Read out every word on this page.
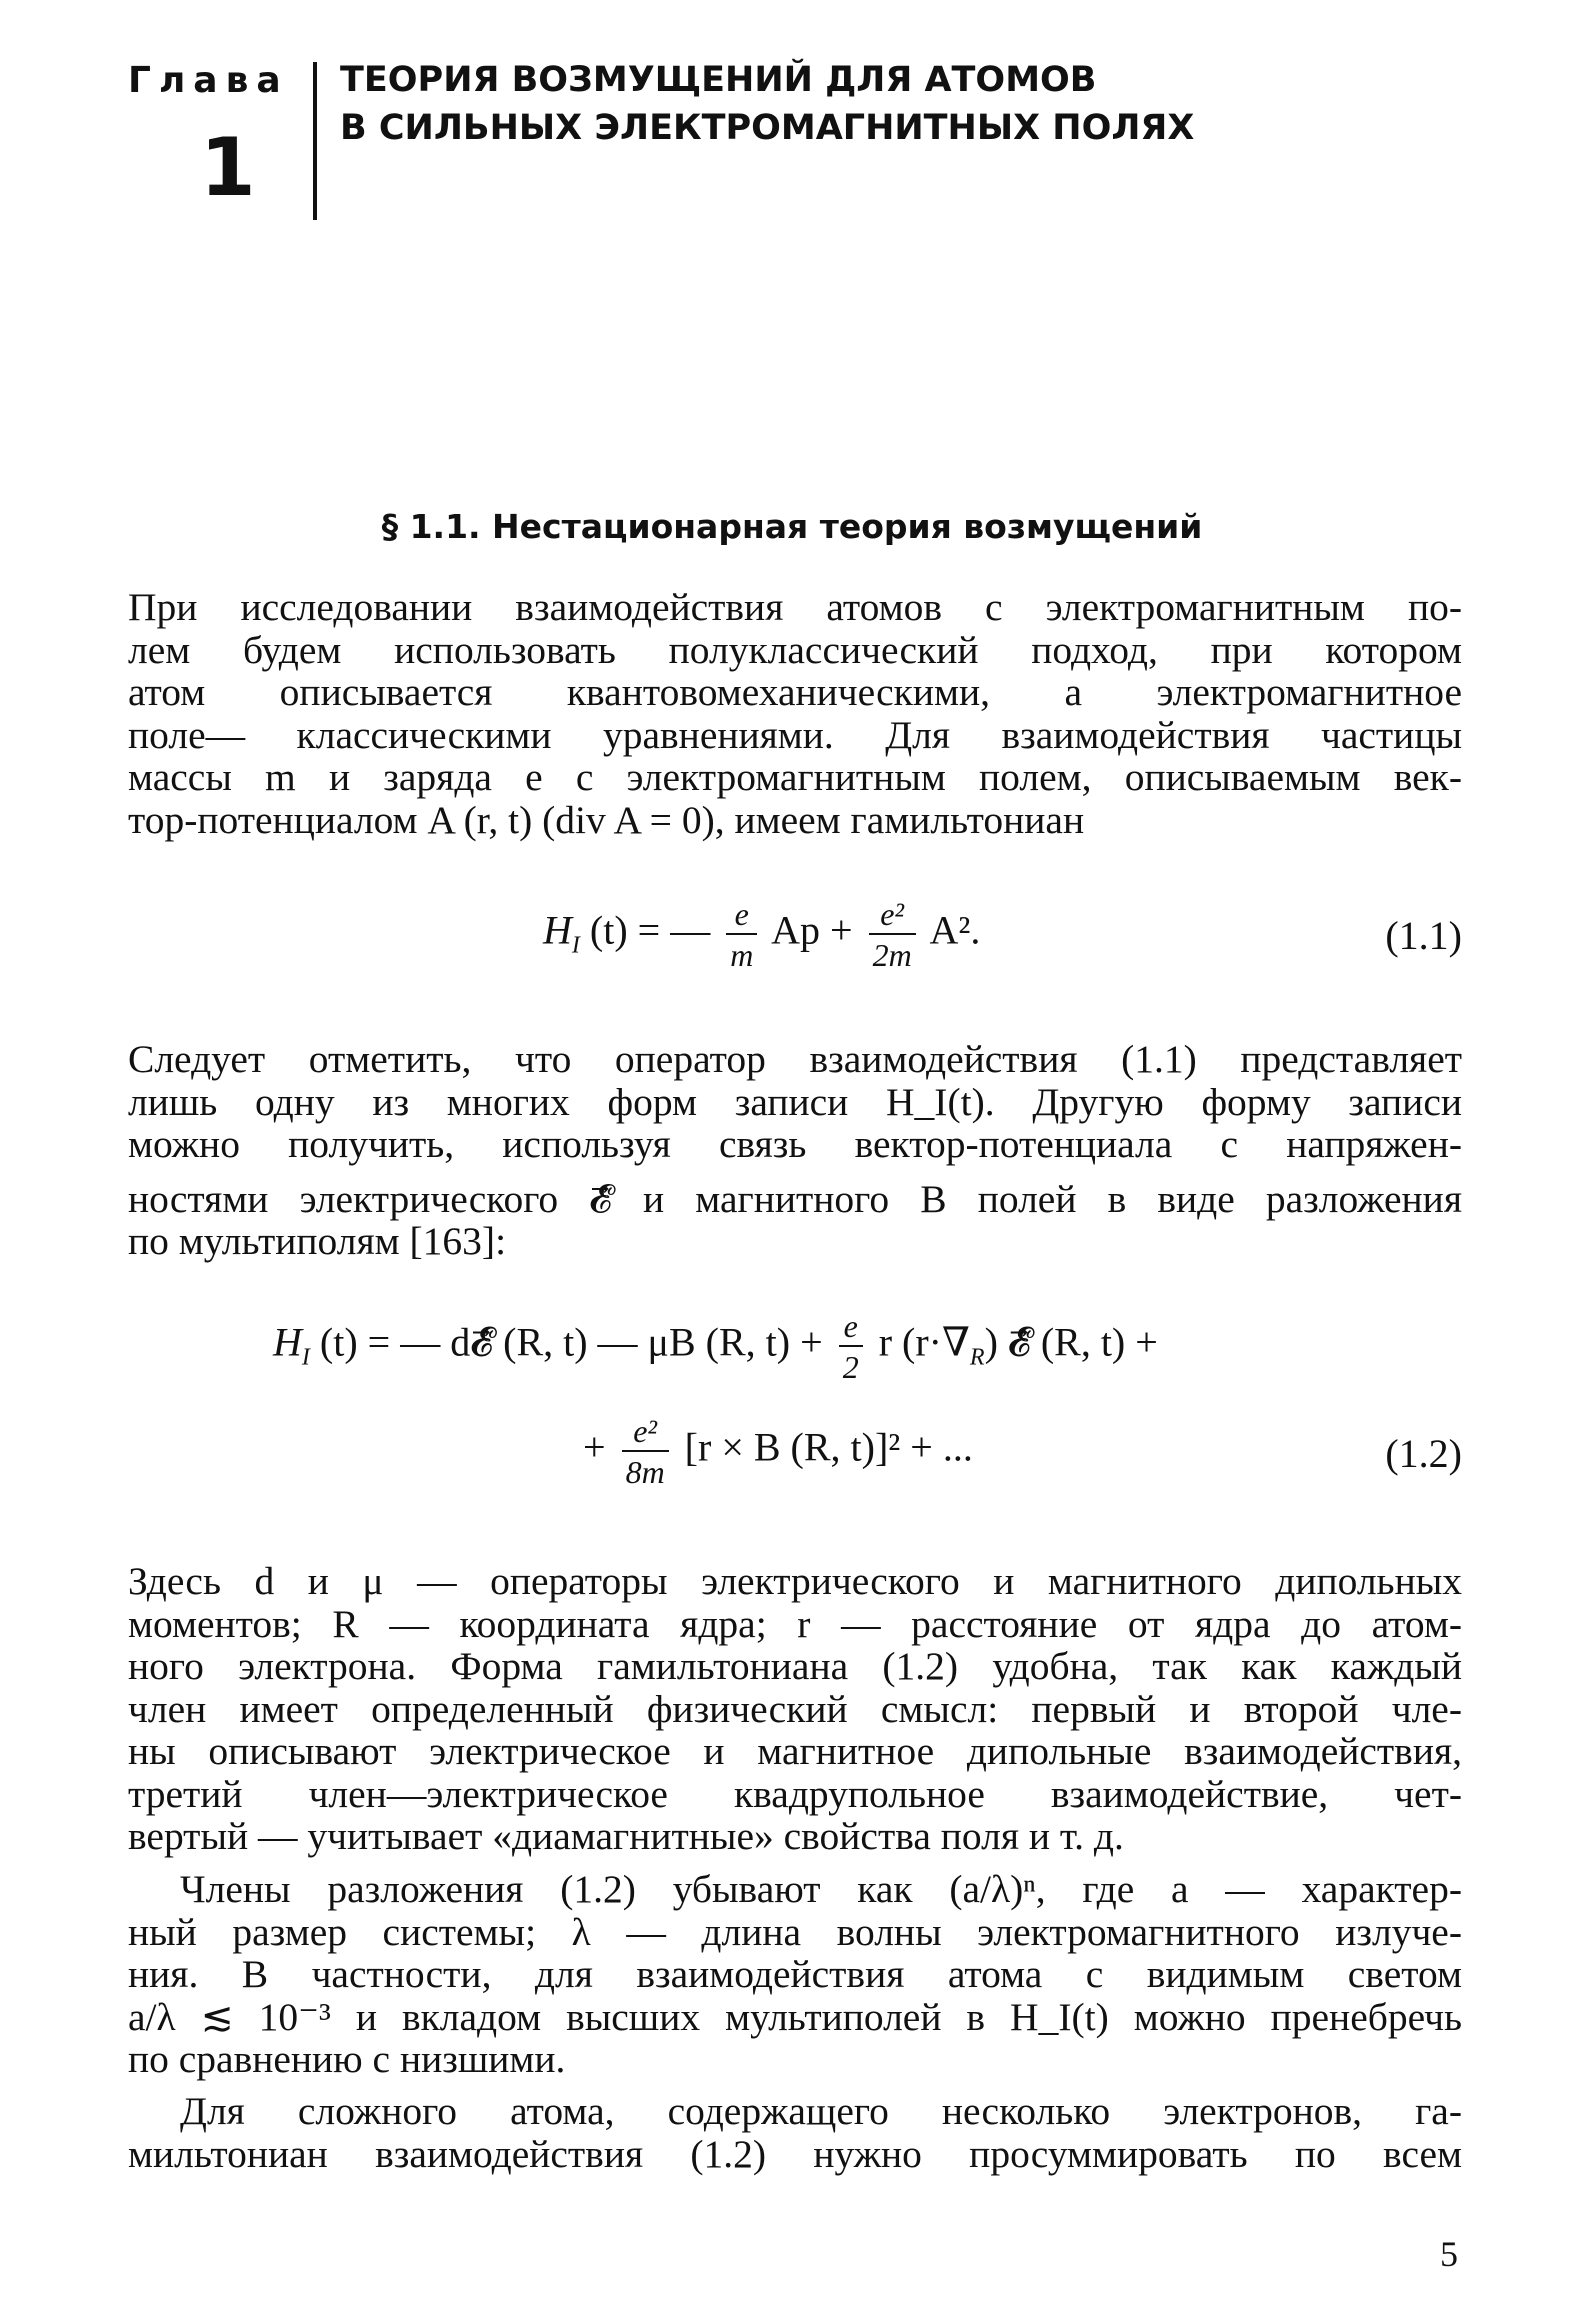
Глава
1
ТЕОРИЯ ВОЗМУЩЕНИЙ ДЛЯ АТОМОВ
В СИЛЬНЫХ ЭЛЕКТРОМАГНИТНЫХ ПОЛЯХ
§ 1.1. Нестационарная теория возмущений
При исследовании взаимодействия атомов с электромагнитным по-
лем будем использовать полуклассический подход, при котором
атом описывается квантовомеханическими, а электромагнитное
поле— классическими уравнениями. Для взаимодействия частицы
массы m и заряда e с электромагнитным полем, описываемым век-
тор-потенциалом A (r, t) (div A = 0), имеем гамильтониан
$H_I$ (t) = — $\frac{e}{m}$ $Ap + \frac{\text{e²}}{2m} A^2$.	(1.1)
Следует отметить, что оператор взаимодействия (1.1) представляет
лишь одну из многих форм записи H_I(t). Другую форму записи
можно получить, используя связь вектор-потенциала с напряжен-
ностями электрического 𝓔⃗ и магнитного B полей в виде разложения
по мультиполям [163]:
$H_I$ (t) = — d𝓔⃗ (R, t) — μB (R, $t) + \frac{e}{2}$ r $(r\cdot\nabla_R)$ 𝓔⃗ (R, t) +
+ $\frac{\text{e²}}{8m} [r \times B$ (R, t)]² + ...	(1.2)
Здесь d и μ — операторы электрического и магнитного дипольных
моментов; R — координата ядра; r — расстояние от ядра до атом-
ного электрона. Форма гамильтониана (1.2) удобна, так как каждый
член имеет определенный физический смысл: первый и второй чле-
ны описывают электрическое и магнитное дипольные взаимодействия,
третий член—электрическое квадрупольное взаимодействие, чет-
вертый — учитывает «диамагнитные» свойства поля и т. д.
Члены разложения (1.2) убывают как (a/λ)ⁿ, где a — характер-
ный размер системы; λ — длина волны электромагнитного излуче-
ния. В частности, для взаимодействия атома с видимым светом
a/λ ≲ 10⁻³ и вкладом высших мультиполей в H_I(t) можно пренебречь
по сравнению с низшими.
Для сложного атома, содержащего несколько электронов, га-
мильтониан взаимодействия (1.2) нужно просуммировать по всем
5
